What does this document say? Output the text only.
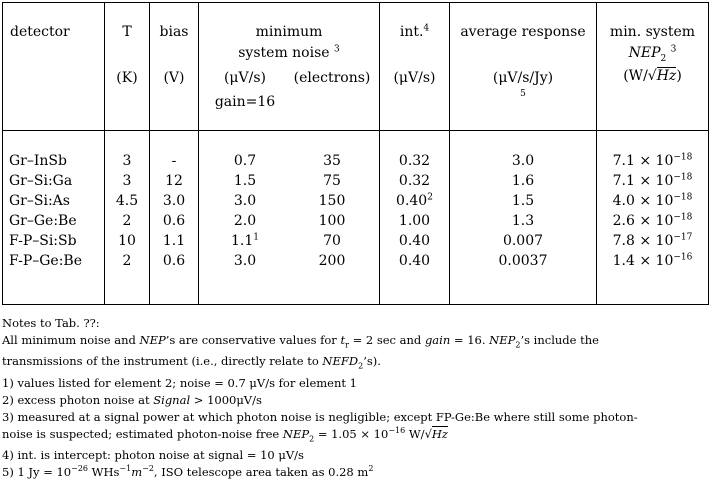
detector	T
(K)
bias
(V)
minimum
system noise $^3$
(μV/s)
gain=16
(electrons)
int.$^4$
(μV/s)
average response
(μV/s/Jy)
5
min. system
$NEP_2$ $^3$
(W/√Hz)
Gr–InSb
Gr–Si:Ga
Gr–Si:As
Gr–Ge:Be
F-P–Si:Sb
F-P–Ge:Be
3
3
4.5
2
10
2
-
12
3.0
0.6
1.1
0.6
0.7
1.5
3.0
2.0
$1.1^1$
3.0
35
75
150
100
70
200
0.32
0.32
0.40$^2$
1.00
0.40
0.40
3.0
1.6
1.5
1.3
0.007
0.0037
$7.1 \times 10^{-18}$
$7.1 \times 10^{-18}$
$4.0 \times 10^{-18}$
$2.6 \times 10^{-18}$
$7.8 \times 10^{-17}$
$1.4 \times 10^{-16}$
Notes to Tab. ??:
All minimum noise and NEP’s are conservative values for $t_r = 2$ sec and gain = 16. $NEP_2’s$ include the
transmissions of the instrument (i.e., directly relate to $NEFD_2’s$).
1) values listed for element 2; noise = 0.7 μV/s for element 1
2) excess photon noise at Signal > 1000μV/s
3) measured at a signal power at which photon noise is negligible; except FP-Ge:Be where still some photon-
noise is suspected; estimated photon-noise free $NEP_2 = 1.05 \times 10^{-16}$ W/√Hz
4) int. is intercept: photon noise at signal = 10 μV/s
5) 1 $Jy = 10^{-26}$ $WHs^{-1}m^{-2}$, ISO telescope area taken as 0.28 $m^2$
